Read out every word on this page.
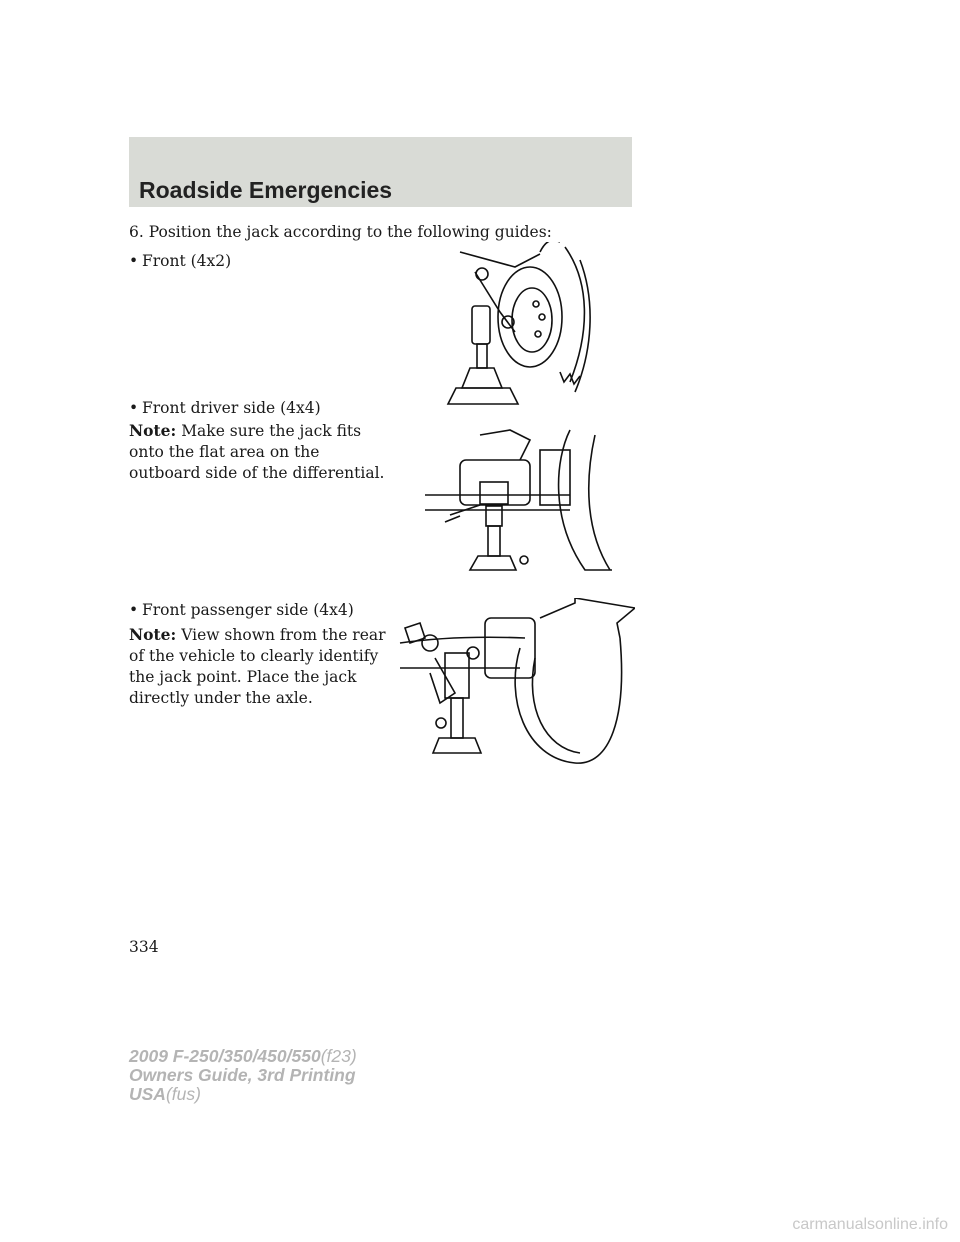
Roadside Emergencies
6. Position the jack according to the following guides:
• Front (4x2)
• Front driver side (4x4)
Note: Make sure the jack fits onto the flat area on the outboard side of the differential.
• Front passenger side (4x4)
Note: View shown from the rear of the vehicle to clearly identify the jack point. Place the jack directly under the axle.
334
2009 F-250/350/450/550(f23)
Owners Guide, 3rd Printing
USA(fus)
carmanualsonline.info
